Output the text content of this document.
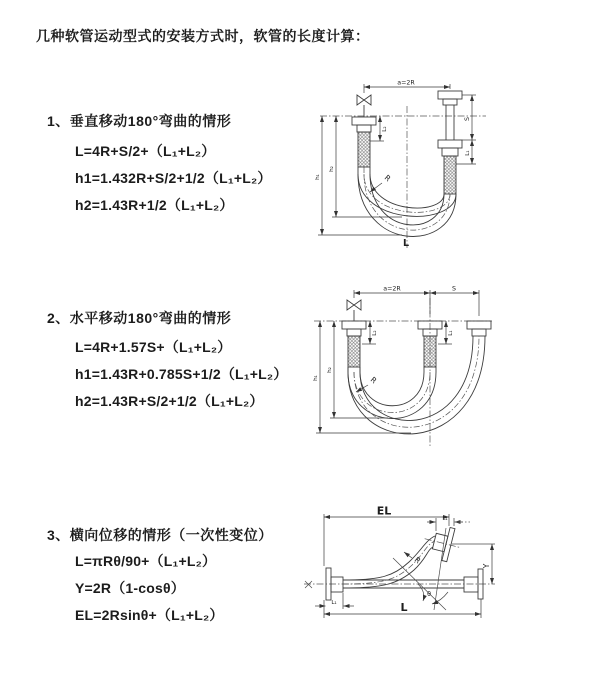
几种软管运动型式的安装方式时，软管的长度计算：
1、垂直移动180°弯曲的情形
L=4R+S/2+（L₁+L₂）
h1=1.432R+S/2+1/2（L₁+L₂）
h2=1.43R+1/2（L₁+L₂）
2、水平移动180°弯曲的情形
L=4R+1.57S+（L₁+L₂）
h1=1.43R+0.785S+1/2（L₁+L₂）
h2=1.43R+S/2+1/2（L₁+L₂）
3、横向位移的情形（一次性变位）
L=πRθ/90+（L₁+L₂）
Y=2R（1-cosθ）
EL=2Rsinθ+（L₁+L₂）
a=2R
S
L₁
h₂
h₁
L₂
R
L
a=2R	S
h₂
h₁
L₂	L₁
R
θ
R
EL
L₁
Y
L
L₁
